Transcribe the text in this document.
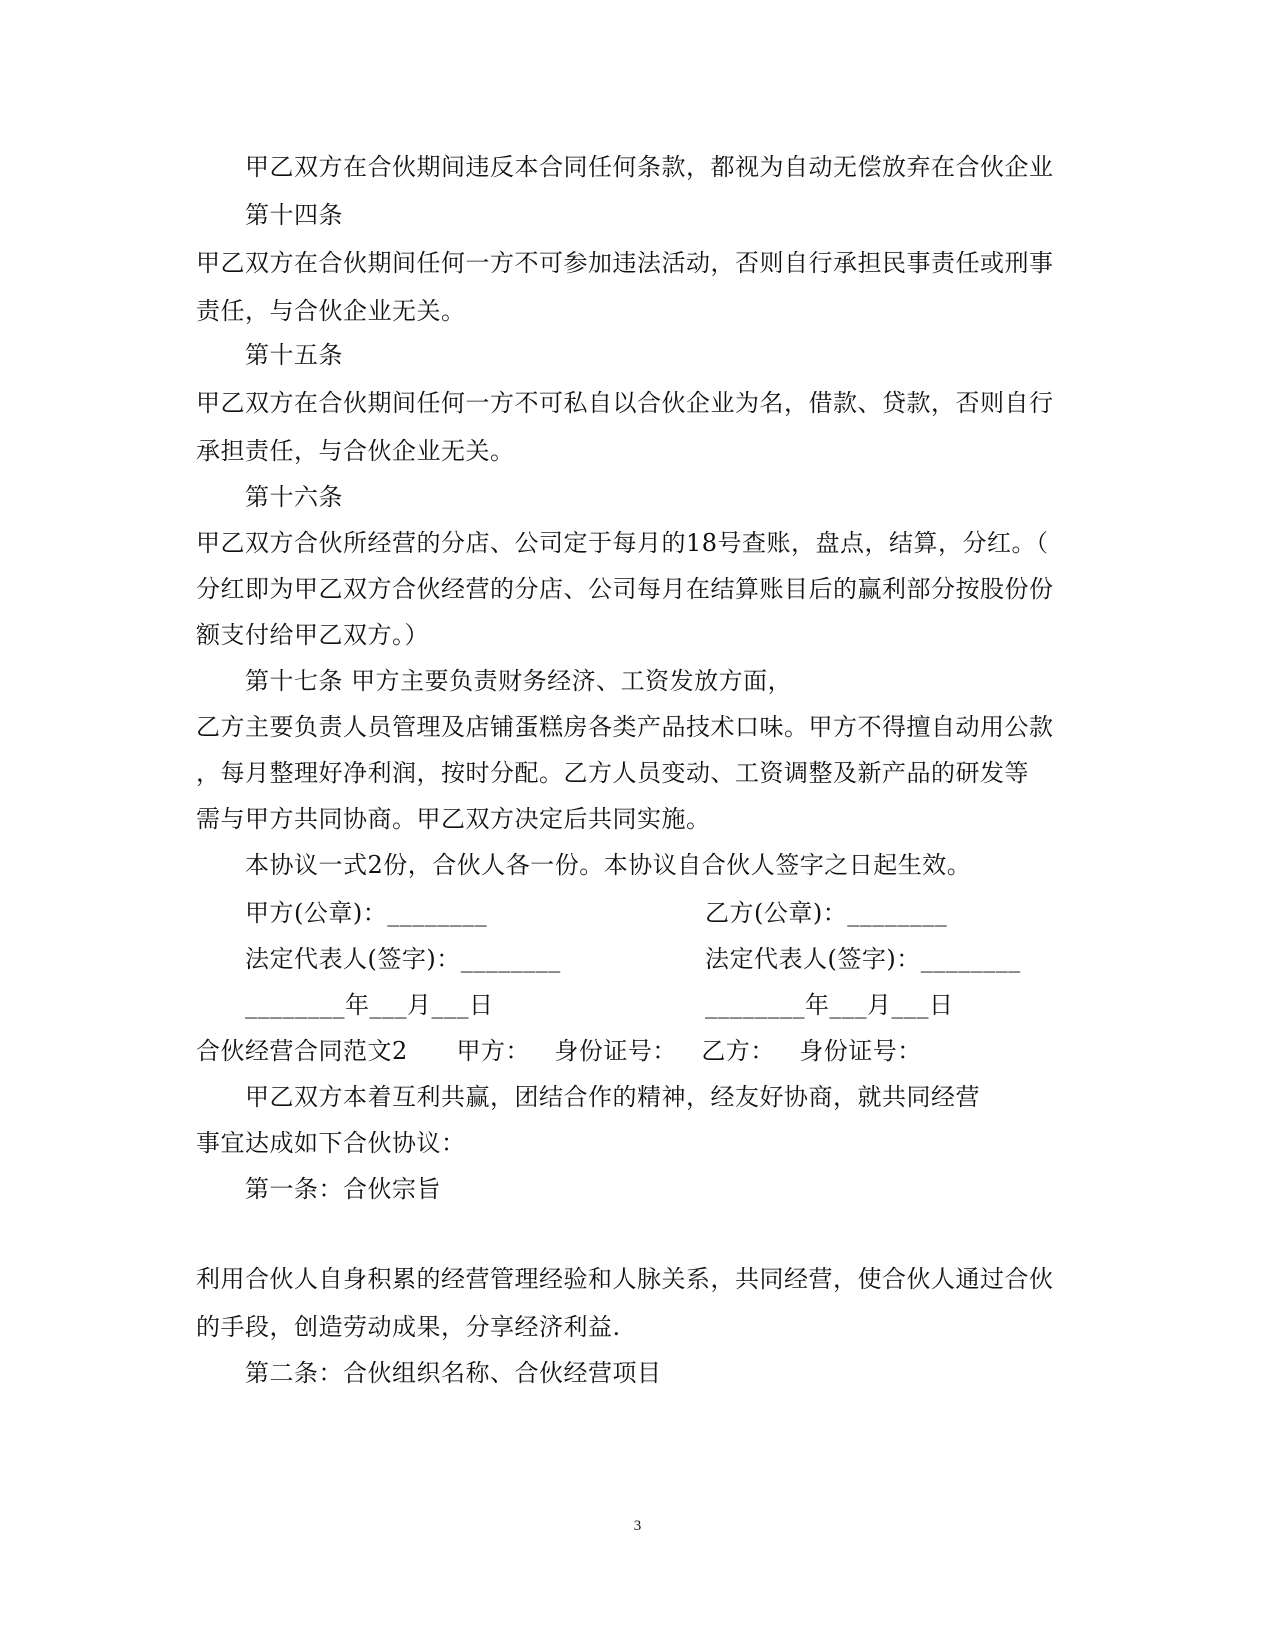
甲乙双方在合伙期间违反本合同任何条款，都视为自动无偿放弃在合伙企业
第十四条
甲乙双方在合伙期间任何一方不可参加违法活动，否则自行承担民事责任或刑事
责任，与合伙企业无关。
第十五条
甲乙双方在合伙期间任何一方不可私自以合伙企业为名，借款、贷款，否则自行
承担责任，与合伙企业无关。
第十六条
甲乙双方合伙所经营的分店、公司定于每月的18号查账，盘点，结算，分红。（
分红即为甲乙双方合伙经营的分店、公司每月在结算账目后的赢利部分按股份份
额支付给甲乙双方。）
第十七条 甲方主要负责财务经济、工资发放方面，
乙方主要负责人员管理及店铺蛋糕房各类产品技术口味。甲方不得擅自动用公款
，每月整理好净利润，按时分配。乙方人员变动、工资调整及新产品的研发等
需与甲方共同协商。甲乙双方决定后共同实施。
本协议一式2份，合伙人各一份。本协议自合伙人签字之日起生效。
甲方(公章)：________	乙方(公章)：________
法定代表人(签字)：________	法定代表人(签字)：________
________年___月___日	________年___月___日
合伙经营合同范文2      甲方：   身份证号：   乙方：   身份证号：
甲乙双方本着互利共赢，团结合作的精神，经友好协商，就共同经营
事宜达成如下合伙协议：
第一条：合伙宗旨
利用合伙人自身积累的经营管理经验和人脉关系，共同经营，使合伙人通过合伙
的手段，创造劳动成果，分享经济利益.
第二条：合伙组织名称、合伙经营项目
3
